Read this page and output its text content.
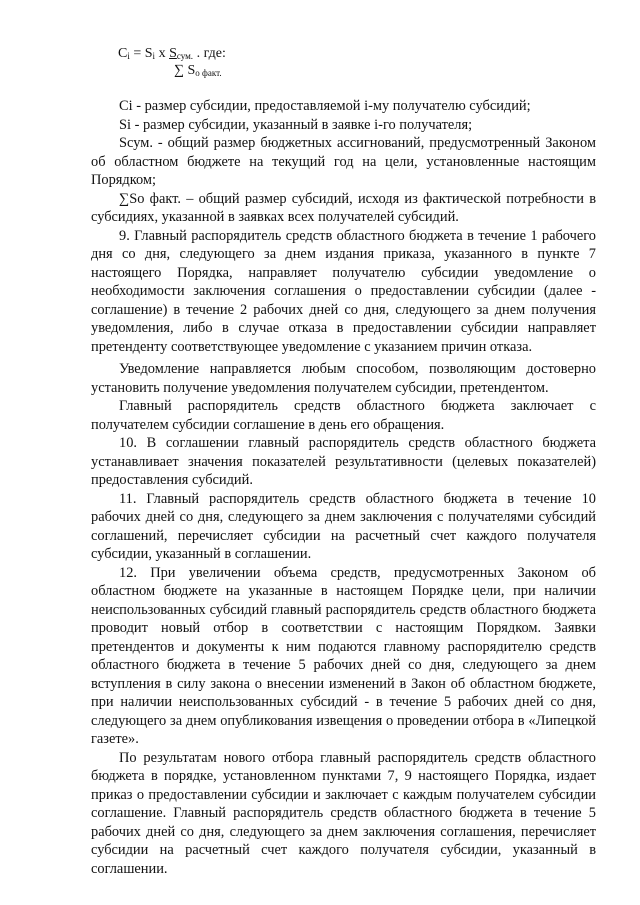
$C_i = S_i$ x $S_{сум.}$ . где:
∑ $S_{о факт.}$

Ci - размер субсидии, предоставляемой i-му получателю субсидий;

Si - размер субсидии, указанный в заявке i-го получателя;

Sсум. - общий размер бюджетных ассигнований, предусмотренный Законом об областном бюджете на текущий год на цели, установленные настоящим Порядком;

∑So факт. – общий размер субсидий, исходя из фактической потребности в субсидиях, указанной в заявках всех получателей субсидий.

9. Главный распорядитель средств областного бюджета в течение 1 рабочего дня со дня, следующего за днем издания приказа, указанного в пункте 7 настоящего Порядка, направляет получателю субсидии уведомление о необходимости заключения соглашения о предоставлении субсидии (далее - соглашение) в течение 2 рабочих дней со дня, следующего за днем получения уведомления, либо в случае отказа в предоставлении субсидии направляет претенденту соответствующее уведомление с указанием причин отказа.

Уведомление направляется любым способом, позволяющим достоверно установить получение уведомления получателем субсидии, претендентом.

Главный распорядитель средств областного бюджета заключает с получателем субсидии соглашение в день его обращения.

10. В соглашении главный распорядитель средств областного бюджета устанавливает значения показателей результативности (целевых показателей) предоставления субсидий.

11. Главный распорядитель средств областного бюджета в течение 10 рабочих дней со дня, следующего за днем заключения с получателями субсидий соглашений, перечисляет субсидии на расчетный счет каждого получателя субсидии, указанный в соглашении.

12. При увеличении объема средств, предусмотренных Законом об областном бюджете на указанные в настоящем Порядке цели, при наличии неиспользованных субсидий главный распорядитель средств областного бюджета проводит новый отбор в соответствии с настоящим Порядком. Заявки претендентов и документы к ним подаются главному распорядителю средств областного бюджета в течение 5 рабочих дней со дня, следующего за днем вступления в силу закона о внесении изменений в Закон об областном бюджете, при наличии неиспользованных субсидий - в течение 5 рабочих дней со дня, следующего за днем опубликования извещения о проведении отбора в «Липецкой газете».

По результатам нового отбора главный распорядитель средств областного бюджета в порядке, установленном пунктами 7, 9 настоящего Порядка, издает приказ о предоставлении субсидии и заключает с каждым получателем субсидии соглашение. Главный распорядитель средств областного бюджета в течение 5 рабочих дней со дня, следующего за днем заключения соглашения, перечисляет субсидии на расчетный счет каждого получателя субсидии, указанный в соглашении.
